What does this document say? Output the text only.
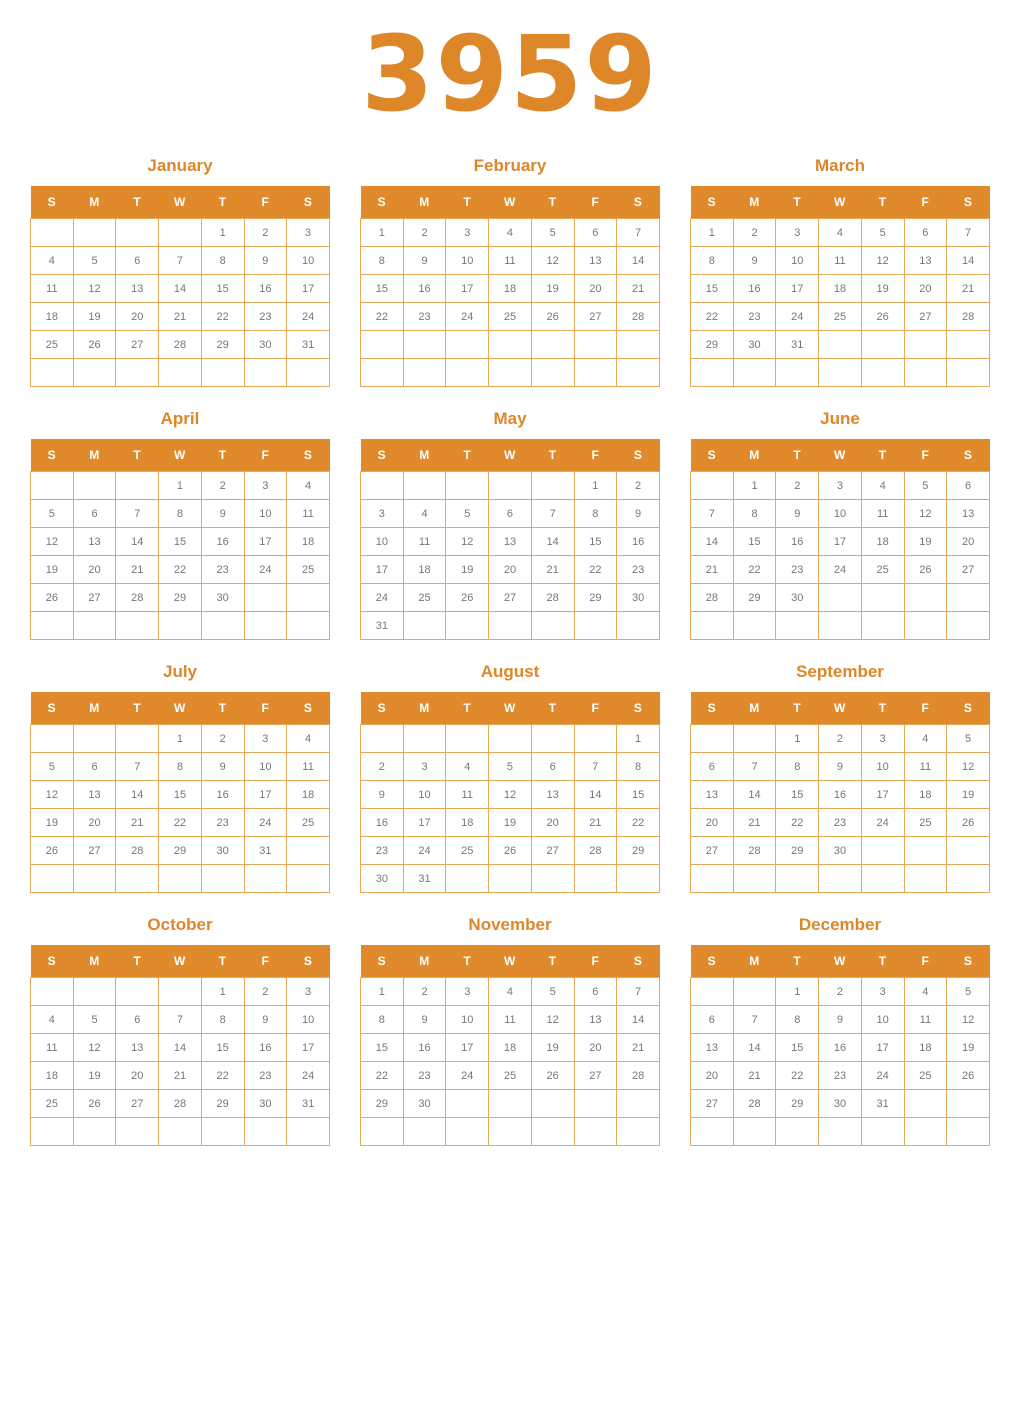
3959
January
S	M	T	W	T	F	S
				1	2	3
4	5	6	7	8	9	10
11	12	13	14	15	16	17
18	19	20	21	22	23	24
25	26	27	28	29	30	31

February
S	M	T	W	T	F	S
1	2	3	4	5	6	7
8	9	10	11	12	13	14
15	16	17	18	19	20	21
22	23	24	25	26	27	28

March
S	M	T	W	T	F	S
1	2	3	4	5	6	7
8	9	10	11	12	13	14
15	16	17	18	19	20	21
22	23	24	25	26	27	28
29	30	31				

April
S	M	T	W	T	F	S
			1	2	3	4
5	6	7	8	9	10	11
12	13	14	15	16	17	18
19	20	21	22	23	24	25
26	27	28	29	30		

May
S	M	T	W	T	F	S
					1	2
3	4	5	6	7	8	9
10	11	12	13	14	15	16
17	18	19	20	21	22	23
24	25	26	27	28	29	30
31						
June
S	M	T	W	T	F	S
	1	2	3	4	5	6
7	8	9	10	11	12	13
14	15	16	17	18	19	20
21	22	23	24	25	26	27
28	29	30				

July
S	M	T	W	T	F	S
			1	2	3	4
5	6	7	8	9	10	11
12	13	14	15	16	17	18
19	20	21	22	23	24	25
26	27	28	29	30	31	

August
S	M	T	W	T	F	S
						1
2	3	4	5	6	7	8
9	10	11	12	13	14	15
16	17	18	19	20	21	22
23	24	25	26	27	28	29
30	31					
September
S	M	T	W	T	F	S
		1	2	3	4	5
6	7	8	9	10	11	12
13	14	15	16	17	18	19
20	21	22	23	24	25	26
27	28	29	30			

October
S	M	T	W	T	F	S
				1	2	3
4	5	6	7	8	9	10
11	12	13	14	15	16	17
18	19	20	21	22	23	24
25	26	27	28	29	30	31

November
S	M	T	W	T	F	S
1	2	3	4	5	6	7
8	9	10	11	12	13	14
15	16	17	18	19	20	21
22	23	24	25	26	27	28
29	30					

December
S	M	T	W	T	F	S
		1	2	3	4	5
6	7	8	9	10	11	12
13	14	15	16	17	18	19
20	21	22	23	24	25	26
27	28	29	30	31		
